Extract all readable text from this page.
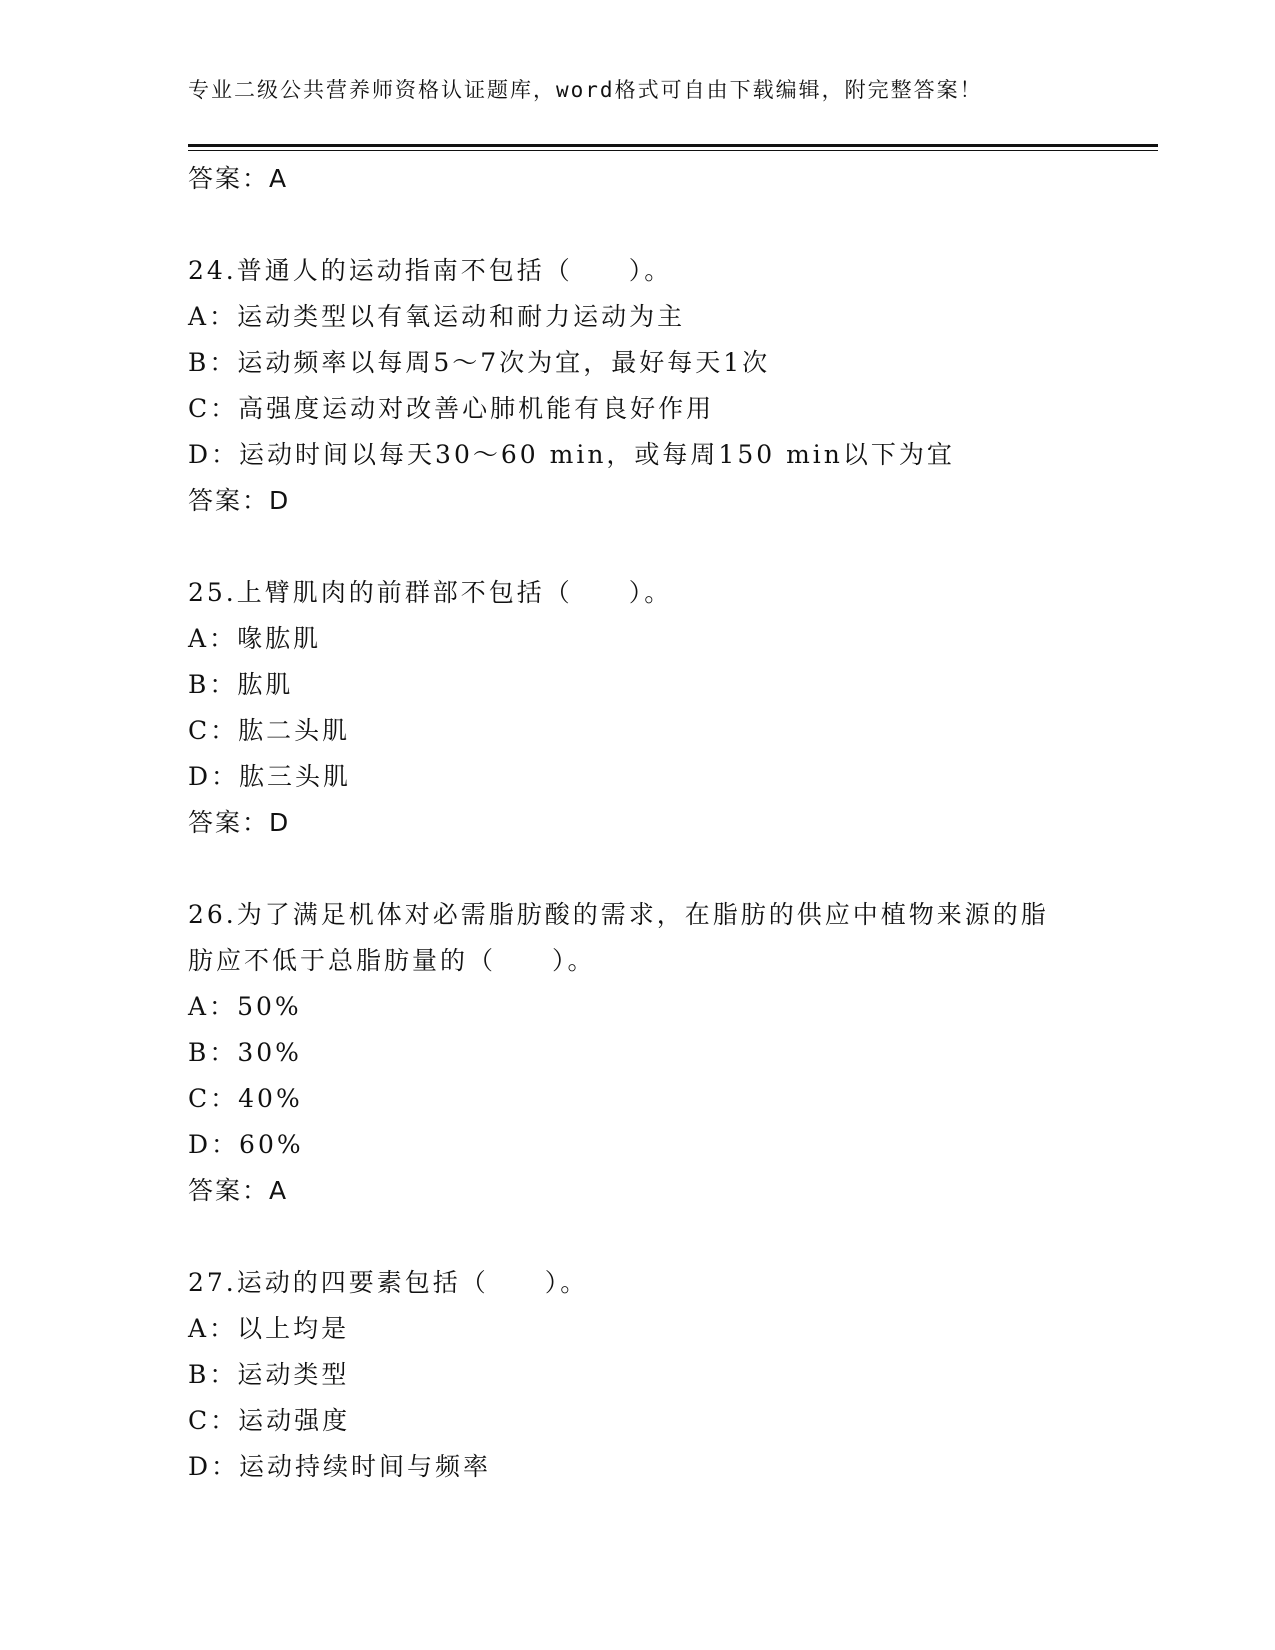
专业二级公共营养师资格认证题库，word格式可自由下载编辑，附完整答案！
答案：A
24.普通人的运动指南不包括（　　）。
A：运动类型以有氧运动和耐力运动为主
B：运动频率以每周5～7次为宜，最好每天1次
C：高强度运动对改善心肺机能有良好作用
D：运动时间以每天30～60 min，或每周150 min以下为宜
答案：D
25.上臂肌肉的前群部不包括（　　）。
A：喙肱肌
B：肱肌
C：肱二头肌
D：肱三头肌
答案：D
26.为了满足机体对必需脂肪酸的需求，在脂肪的供应中植物来源的脂
肪应不低于总脂肪量的（　　）。
A：50%
B：30%
C：40%
D：60%
答案：A
27.运动的四要素包括（　　）。
A：以上均是
B：运动类型
C：运动强度
D：运动持续时间与频率
